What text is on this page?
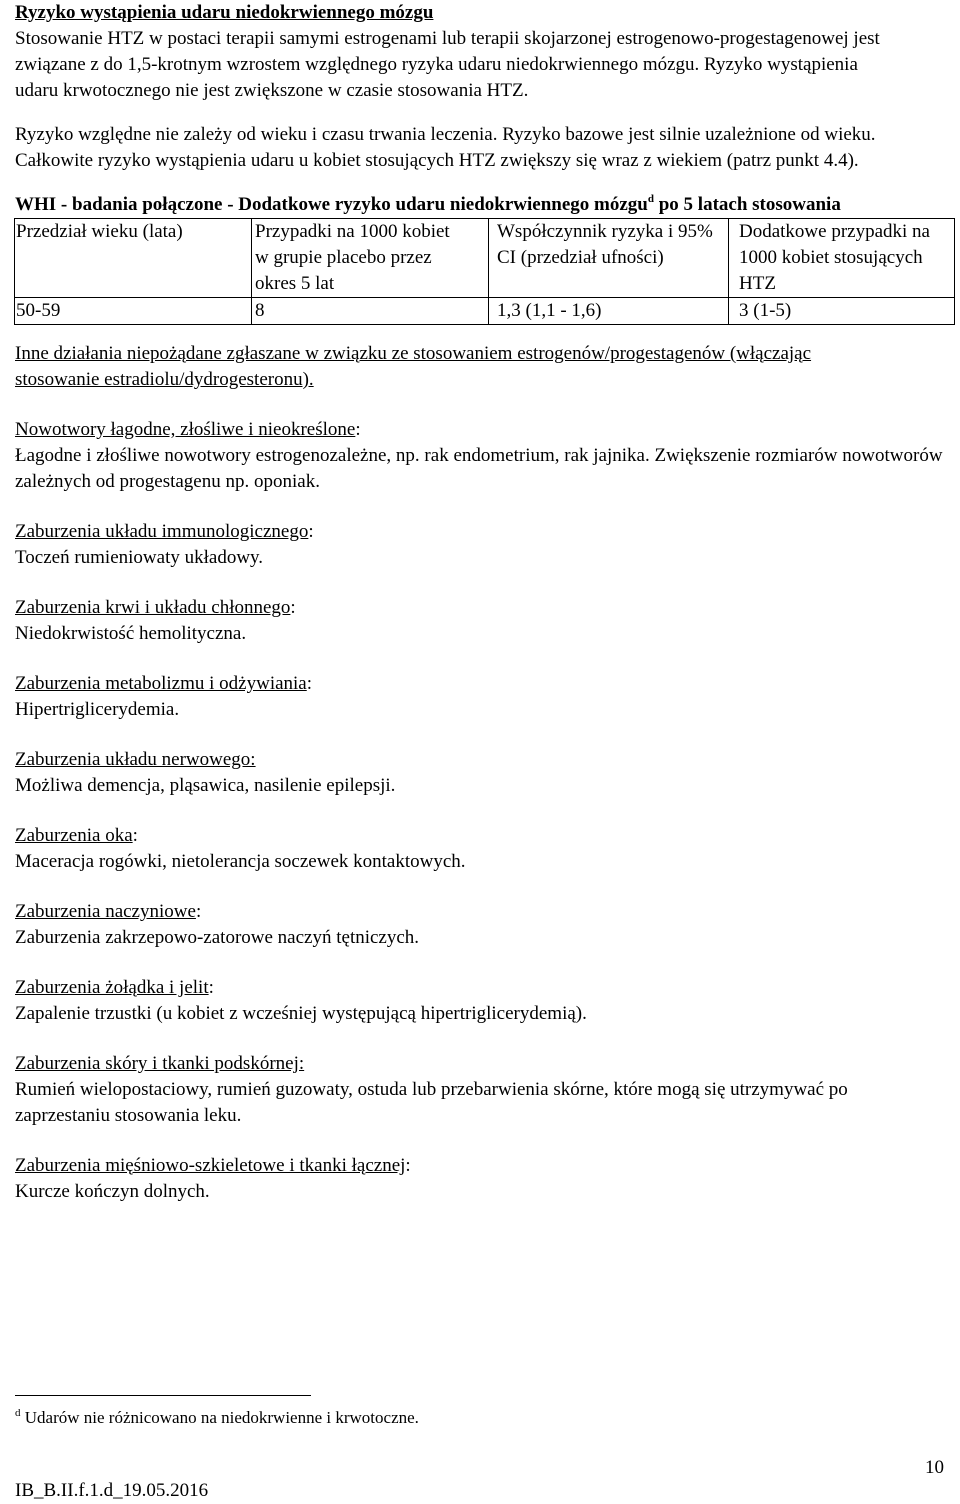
Ryzyko wystąpienia udaru niedokrwiennego mózgu

Stosowanie HTZ w postaci terapii samymi estrogenami lub terapii skojarzonej estrogenowo-progestagenowej jest związane z do 1,5-krotnym wzrostem względnego ryzyka udaru niedokrwiennego mózgu. Ryzyko wystąpienia udaru krwotocznego nie jest zwiększone w czasie stosowania HTZ.

Ryzyko względne nie zależy od wieku i czasu trwania leczenia. Ryzyko bazowe jest silnie uzależnione od wieku. Całkowite ryzyko wystąpienia udaru u kobiet stosujących HTZ zwiększy się wraz z wiekiem (patrz punkt 4.4).

WHI - badania połączone - Dodatkowe ryzyko udaru niedokrwiennego mózgu$^d$ po 5 latach stosowania

Przedział wieku (lata)	Przypadki na 1000 kobiet w grupie placebo przez okres 5 lat	Współczynnik ryzyka i 95% CI (przedział ufności)	Dodatkowe przypadki na 1000 kobiet stosujących HTZ
50-59	8	1,3 (1,1 - 1,6)	3 (1-5)

Inne działania niepożądane zgłaszane w związku ze stosowaniem estrogenów/progestagenów (włączając stosowanie estradiolu/dydrogesteronu).

Nowotwory łagodne, złośliwe i nieokreślone:

Łagodne i złośliwe nowotwory estrogenozależne, np. rak endometrium, rak jajnika. Zwiększenie rozmiarów nowotworów zależnych od progestagenu np. oponiak.

Zaburzenia układu immunologicznego:

Toczeń rumieniowaty układowy.

Zaburzenia krwi i układu chłonnego:

Niedokrwistość hemolityczna.

Zaburzenia metabolizmu i odżywiania:

Hipertriglicerydemia.

Zaburzenia układu nerwowego:

Możliwa demencja, pląsawica, nasilenie epilepsji.

Zaburzenia oka:

Maceracja rogówki, nietolerancja soczewek kontaktowych.

Zaburzenia naczyniowe:

Zaburzenia zakrzepowo-zatorowe naczyń tętniczych.

Zaburzenia żołądka i jelit:

Zapalenie trzustki (u kobiet z wcześniej występującą hipertriglicerydemią).

Zaburzenia skóry i tkanki podskórnej:

Rumień wielopostaciowy, rumień guzowaty, ostuda lub przebarwienia skórne, które mogą się utrzymywać po zaprzestaniu stosowania leku.

Zaburzenia mięśniowo-szkieletowe i tkanki łącznej:

Kurcze kończyn dolnych.

$^d$ Udarów nie różnicowano na niedokrwienne i krwotoczne.

10
IB_B.II.f.1.d_19.05.2016
